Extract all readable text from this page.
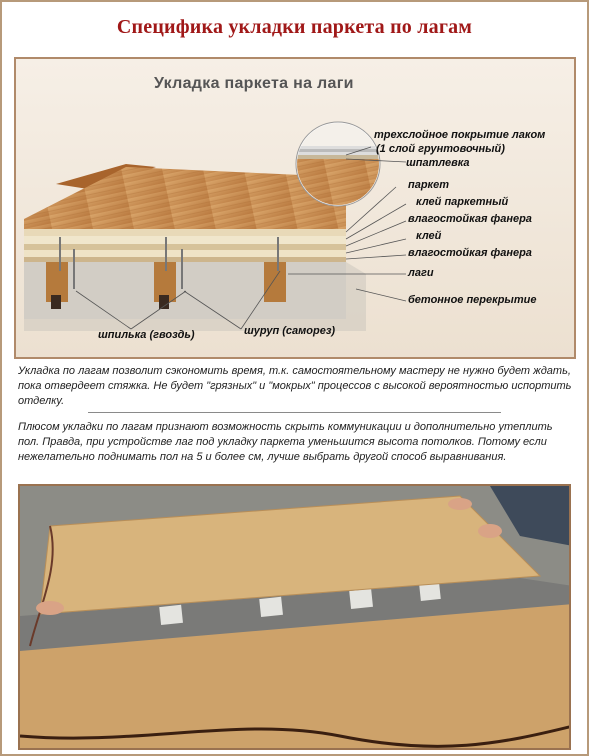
Специфика укладки паркета по лагам
Укладка паркета на лаги
трехслойное покрытие лаком
(1 слой грунтовочный)
шпатлевка
паркет
клей паркетный
влагостойкая фанера
клей
влагостойкая фанера
лаги
бетонное перекрытие
шпилька (гвоздь)	шуруп (саморез)

Укладка по лагам позволит сэкономить время, т.к. самостоятельному мастеру не нужно будет ждать, пока отвердеет стяжка. Не будет "грязных" и "мокрых" процессов с высокой вероятностью испортить отделку.

Плюсом укладки по лагам признают возможность скрыть коммуникации и дополнительно утеплить пол. Правда, при устройстве лаг под укладку паркета уменьшится высота потолков. Потому если нежелательно поднимать пол на 5 и более см, лучше выбрать другой способ выравнивания.
